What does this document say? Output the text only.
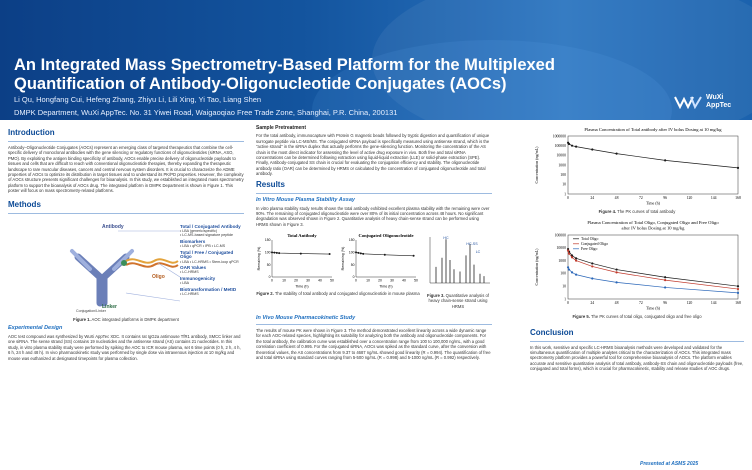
An Integrated Mass Spectrometry-Based Platform for the Multiplexed Quantification of Antibody-Oligonucleotide Conjugates (AOCs)
Li Qu, Hongfang Cui, Hefeng Zhang, Zhiyu Li, Lili Xing, Yi Tao, Liang Shen
DMPK Department, WuXi AppTec. No. 31 Yiwei Road, Waigaoqiao Free Trade Zone, Shanghai, P.R. China, 200131
WuXi
AppTec
Introduction

Antibody–Oligonucleotide Conjugates (AOCs) represent an emerging class of targeted therapeutics that combine the cell-specific delivery of monoclonal antibodies with the gene silencing or regulatory functions of oligonucleotides (siRNA, ASO, PMO). By exploiting the antigen binding specificity of antibody, AOCs enable precise delivery of oligonucleotide payloads to tissues and cells that are difficult to reach with conventional oligonucleotide therapies, thereby expanding the therapeutic landscape to rare muscular diseases, cancers and central nervous system disorders. It is crucial to characterize the ADME properties of AOCs to optimize its distribution in target tissues and to understand its PK/PD properties. However, the complexity of AOCs structure presents significant challenges for bioanalysis. In this study, we established an integrated mass spectrometry platform to support the bioanalysis of AOCs drug. The integrated platform in DMPK Department is shown in Figure 1. This poster will focus on mass spectrometry-related platforms.

Methods
Antibody
Oligo
Linker
Conjugation/Linker
Total / Conjugated Antibody
• LBA (generic/specific)
• LC-MS-based signature peptide
Biomarkers
• LBA • qPCR • IPB • LC-MS
Total / Free / Conjugated Oligo
• LBA • LC-HRMS • Stem-loop qPCR
OAR Values
• LC-HRMS
Immunogenicity
• LBA
Biotransformation / MetID
• LC-HRMS
Figure 1. AOC integrated platforms in DMPK department
Experimental Design

AOC test compound was synthesized by WuXi AppTec XDC. It contains rat IgG2a antimouse TfR1 antibody, SMCC linker and one siRNA. The sense strand (SS) contains 19 nucleotides and the antisense strand (AS) contains 21 nucleotides. In this study, in vitro plasma stability study were performed by spiking the AOC to ICR mouse plasma, set 6 time points (0 h, 2 h, 4 h, 6 h, 24 h and 48 h). In vivo pharmacokinetic study was performed by single dose via intravenous injection at 10 mg/kg and mouse was euthanized at designated timepoints for plasma collection.

Sample Pretreatment

For the total antibody, immunocapture with Protein G magnetic beads followed by tryptic digestion and quantification of unique surrogate peptide via LC-MS/MS. The conjugated siRNA payload is specifically measured using antisense strand, which is the "active strand" in the siRNA duplex that actually performs the gene-silencing function. Monitoring the concentration of the AS chain is the most direct indicator for assessing the level of active drug exposure in vivo. Both free and total siRNA concentrations can be determined following extraction using liquid-liquid extraction (LLE) or solid-phase extraction (SPE). Finally, Antibody-conjugated SS chain is crucial for evaluating the conjugation efficiency and stability. The oligonucleotide antibody ratio (OAR) can be determined by HRMS or calculated by the concentration of conjugated oligonucleotide and total antibody.

Results
In Vitro Mouse Plasma Stability Assay

In vitro plasma stability study results shown the total antibody exhibited excellent plasma stability with the remaining were over 90%. The remaining of conjugated oligonucleotide were over 80% of its initial concentration across 48 hours. No significant degradation was observed shown in Figure 2. Quantitative analysis of heavy chain-sense strand can be performed using HRMS shown in Figure 3.

Total Antibody
0
50
100
150
0	10 20 30 40 50
Time (h)
Remaining (%)
Conjugated Oligonucleotide
0
50
100
150
0	10 20 30 40 50
Time (h)
Remaining (%)
Figure 2. The stability of total antibody and conjugated oligonucleotide in mouse plasma
HC
HC-SS
LC
Figure 3. Quantitative analysis of heavy chain-sense strand using HRMS
In Vivo Mouse Pharmacokinetic Study

The results of mouse PK were shown in Figure 3. The method demonstrated excellent linearity across a wide dynamic range for each AOC-related species, highlighting its suitability for analyzing both the antibody and oligonucleotide components. For the total antibody, the calibration curve was established over a concentration range from 100 to 100,000 ng/mL, with a good correlation coefficient of 0.995. For the conjugated siRNA, AOCs was spiked as the standard curve, after the conversion with theoretical values, the AS concentrations from 9.37 to 4687 ng/mL showed good linearity (R = 0.994). The quantification of free and total siRNA using standard curves ranging from 5-500 ng/mL (R = 0.998) and 5-1000 ng/mL (R = 0.992) respectively.

Plasma Concentration of Total antibody after IV bolus Dosing at 10 mg/kg
1
10
100
1000
10000
100000
1000000
0	24	48	72	96	120	144	168
Time (h)
Concentration (ng/mL)
Figure 4. The PK curves of total antibody
Plasma Concentration of Total Oligo, Conjugated Oligo and Free Oligo
after IV bolus Dosing at 10 mg/kg
1
10
100
1000
10000
100000
0	24	48	72	96	120	144	168
Time (h)
Concentration (ng/mL)
Total Oligo
Conjugated Oligo
Free Oligo
Figure 5. The PK curves of total oligo, conjugated oligo and free oligo
Conclusion

In this work, sensitive and specific LC-HRMS bioanalysis methods were developed and validated for the simultaneous quantification of multiple analytes critical to the characterization of AOCs. This integrated mass spectrometry platform provides a powerful tool for comprehensive bioanalysis of AOCs. The platform enables accurate and sensitive quantitative analysis of total antibody, antibody-SS chain and oligonucleotide payloads (free, conjugated and total forms), which is crucial for pharmacokinetic, stability and release studies of AOC drugs.

Presented at ASMS 2025
